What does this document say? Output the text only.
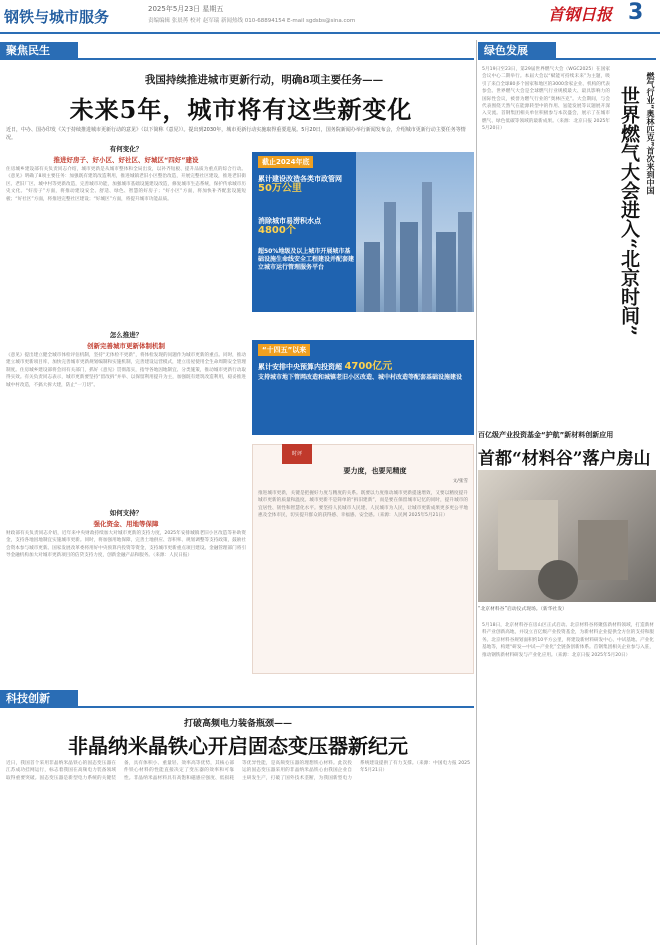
钢铁与城市服务	2025年5月23日 星期五
责编编辑 张晨苒 校对 赵军瑞 新闻热线 010-68894154 E-mail sgdsbs@sina.com	首钢日报 3
聚焦民生	绿色发展
科技创新
我国持续推进城市更新行动，明确8项主要任务——
未来5年，城市将有这些新变化
近日，中办、国办印发《关于持续推进城市更新行动的意见》（以下简称《意见》）。提出到2030年，城市更新行动实施取得重要进展。5月20日，国务院新闻办举行新闻发布会，介绍城市更新行动主要任务等情况。
有何变化？
推进好房子、好小区、好社区、好城区“四好”建设
住房城乡建设部有关负责同志介绍，城市更新是从城市整体和全局出发，以补齐短板、提升品质为重点的综合行动。《意见》明确了8项主要任务：加强既有建筑改造利用，推进城镇老旧小区整治改造，开展完整社区建设，推进老旧街区、老旧厂区、城中村等更新改造，完善城市功能，加强城市基础设施建设改造，修复城市生态系统，保护传承城市历史文化。“好房子”方面，将推动建设安全、舒适、绿色、智慧的好房子；“好小区”方面，将加快补齐配套设施短板；“好社区”方面，将推进完整社区建设；“好城区”方面，将提升城市功能品质。
怎么推进？
创新完善城市更新体制机制
《意见》提出建立健全城市体检评估机制，坚持“无体检不更新”，将体检发现的问题作为城市更新的重点。同时，推动建立城市更新项目库，加快完善城市更新规划编制和实施机制，完善建设运营模式，建立房屋使用全生命周期安全管理制度。住房城乡建设部将会同有关部门，抓好《意见》贯彻落实，指导各地因地制宜、分类施策，推动城市更新行动取得实效。有关负责同志表示，城市更新要坚持“留改拆”并举、以保留利用提升为主，加强既有建筑改造利用，稳妥推进城中村改造，不搞大拆大建，防止“一刀切”。
如何支持？
强化资金、用地等保障
财政部有关负责同志介绍，近年来中央财政持续加大对城市更新的支持力度，2025年安排城镇老旧小区改造等补助资金，支持各地因地制宜实施城市更新。同时，将加强用地保障，完善土地供应、容积率、规划调整等支持政策，鼓励社会资本参与城市更新。国家发展改革委将用好中央预算内投资等资金，支持城市更新重点项目建设。金融管理部门将引导金融机构加大对城市更新项目的信贷支持力度，创新金融产品和服务。（来源：人民日报）
截止2024年底
累计建设改造各类市政管网
50万公里
消除城市易涝积水点
4800个
超50%地级及以上城市开展城市基础设施生命线安全工程建设并配套建立城市运行管理服务平台
“十四五”以来
累计安排中央预算内投资超 4700亿元
支持城市地下管网改造和城镇老旧小区改造、城中村改造等配套基础设施建设
时评
要力度，也要见精度
文/张雪
推进城市更新，关键是把握好力度与精度的关系。既要以力度推动城市更新提速增效，又要以精度提升城市更新的质量和温度。城市更新不是简单的“拆旧建新”，而是要在保留城市记忆的同时，提升城市的宜居性、韧性和智慧化水平。要坚持人民城市人民建、人民城市为人民，让城市更新成果更多更公平地惠及全体市民，切实提升群众的获得感、幸福感、安全感。（来源：人民网 2025年5月21日）
5月19日至23日，第29届世界燃气大会（WGC2025）在国家会议中心二期举行。本届大会以“赋能可持续未来”为主题，吸引了来自全球80多个国家和地区的3000余家企业、机构的代表参会。世界燃气大会是全球燃气行业规模最大、最具影响力的国际性会议，被誉为燃气行业的“奥林匹克”。大会期间，与会代表围绕天然气在能源转型中的作用、氢能发展等议题展开深入交流。首钢集团相关单位积极参与本次盛会，展示了在城市燃气、绿色低碳等领域的最新成果。（来源：北京日报 2025年5月20日）	燃气行业“奥林匹克”首次来到中国
世界燃气大会进入“北京时间”
百亿级产业投资基金“护航”新材料创新应用
首都“材料谷”落户房山
“北京材料谷”启动仪式现场。（新华社发）
5月18日，北京材料谷在房山区正式启动。北京材料谷将聚焦新材料领域，打造新材料产业创新高地，并设立百亿级产业投资基金，为新材料企业提供全方位的支持和服务。北京材料谷规划面积约10平方公里，将建设新材料研发中心、中试基地、产业化基地等，构建“研发—中试—产业化”全链条创新体系。首钢集团相关企业参与入驻，推动钢铁新材料研发与产业化应用。（来源：北京日报 2025年5月20日）
打破高频电力装备瓶颈——
非晶纳米晶铁心开启固态变压器新纪元
近日，我国首个采用非晶纳米晶铁心的固态变压器在江苏成功挂网运行，标志着我国在高频电力装备领域取得重要突破。固态变压器是新型电力系统的关键装备，具有体积小、重量轻、效率高等优势，其核心部件铁心材料的性能直接决定了变压器的效率和可靠性。非晶纳米晶材料具有高饱和磁感应强度、低损耗等优异性能，是高频变压器的理想铁心材料。此次投运的固态变压器采用的非晶纳米晶铁心由我国企业自主研发生产，打破了国外技术垄断，为我国新型电力系统建设提供了有力支撑。（来源：中国电力报 2025年5月21日）
